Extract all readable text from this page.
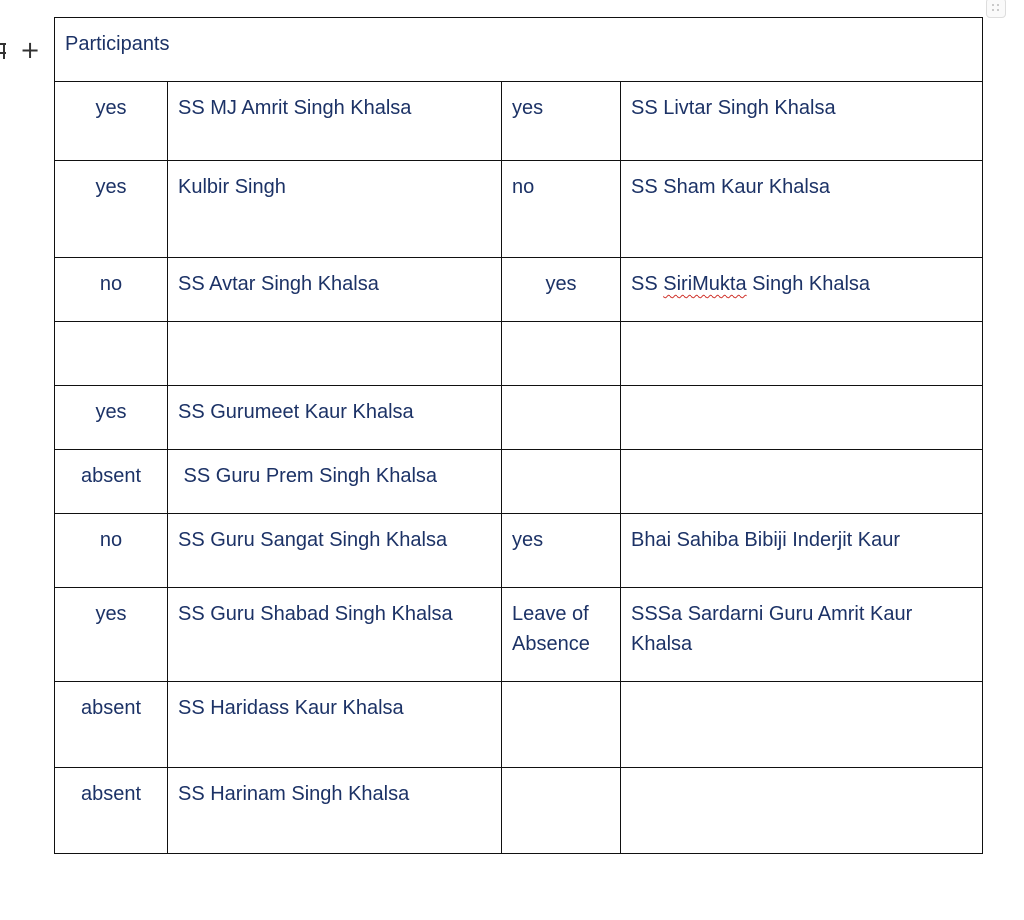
+ Participants			
yes	SS MJ Amrit Singh Khalsa	yes	SS Livtar Singh Khalsa
yes	Kulbir Singh	no	SS Sham Kaur Khalsa
no	SS Avtar Singh Khalsa	yes	SS SiriMukta Singh Khalsa

yes	SS Gurumeet Kaur Khalsa		
absent	SS Guru Prem Singh Khalsa		
no	SS Guru Sangat Singh Khalsa	yes	Bhai Sahiba Bibiji Inderjit Kaur
yes	SS Guru Shabad Singh Khalsa	Leave of Absence	SSSa Sardarni Guru Amrit Kaur Khalsa
absent	SS Haridass Kaur Khalsa		
absent	SS Harinam Singh Khalsa		
